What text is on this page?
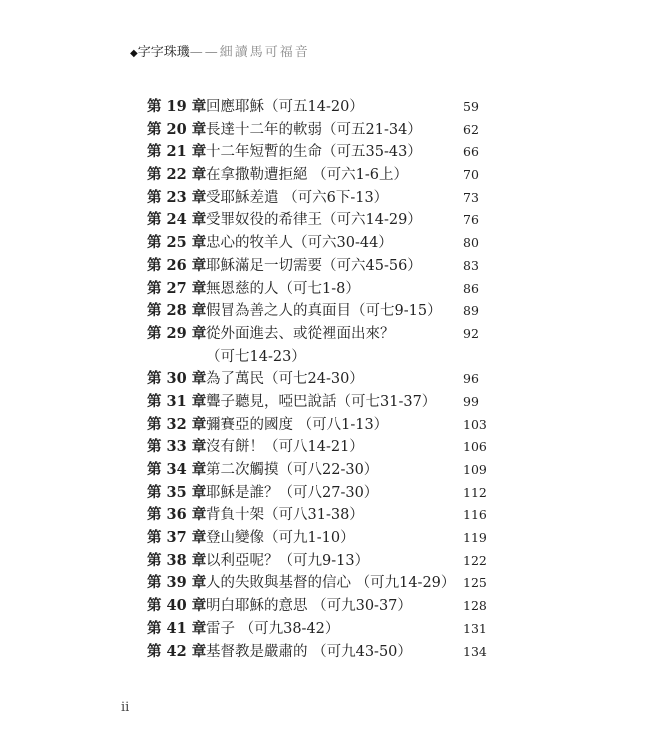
◆字字珠璣——細讀馬可福音
第 19 章 回應耶穌（可五14-20）	59
第 20 章 長達十二年的軟弱（可五21-34）	62
第 21 章 十二年短暫的生命（可五35-43）	66
第 22 章 在拿撒勒遭拒絕 （可六1-6上）	70
第 23 章 受耶穌差遣 （可六6下-13）	73
第 24 章 受罪奴役的希律王（可六14-29）	76
第 25 章 忠心的牧羊人（可六30-44）	80
第 26 章 耶穌滿足一切需要（可六45-56）	83
第 27 章 無恩慈的人（可七1-8）	86
第 28 章 假冒為善之人的真面目（可七9-15） 89
第 29 章 從外面進去、或從裡面出來？	92
（可七14-23）
第 30 章 為了萬民（可七24-30）	96
第 31 章 聾子聽見，啞巴說話（可七31-37） 99
第 32 章 彌賽亞的國度 （可八1-13）	103
第 33 章 沒有餅！（可八14-21）	106
第 34 章 第二次觸摸（可八22-30）	109
第 35 章 耶穌是誰？（可八27-30）	112
第 36 章 背負十架（可八31-38）	116
第 37 章 登山變像（可九1-10）	119
第 38 章 以利亞呢？（可九9-13）	122
第 39 章 人的失敗與基督的信心 （可九14-29） 125
第 40 章 明白耶穌的意思 （可九30-37）	128
第 41 章 雷子 （可九38-42）	131
第 42 章 基督教是嚴肅的 （可九43-50）	134
ii
